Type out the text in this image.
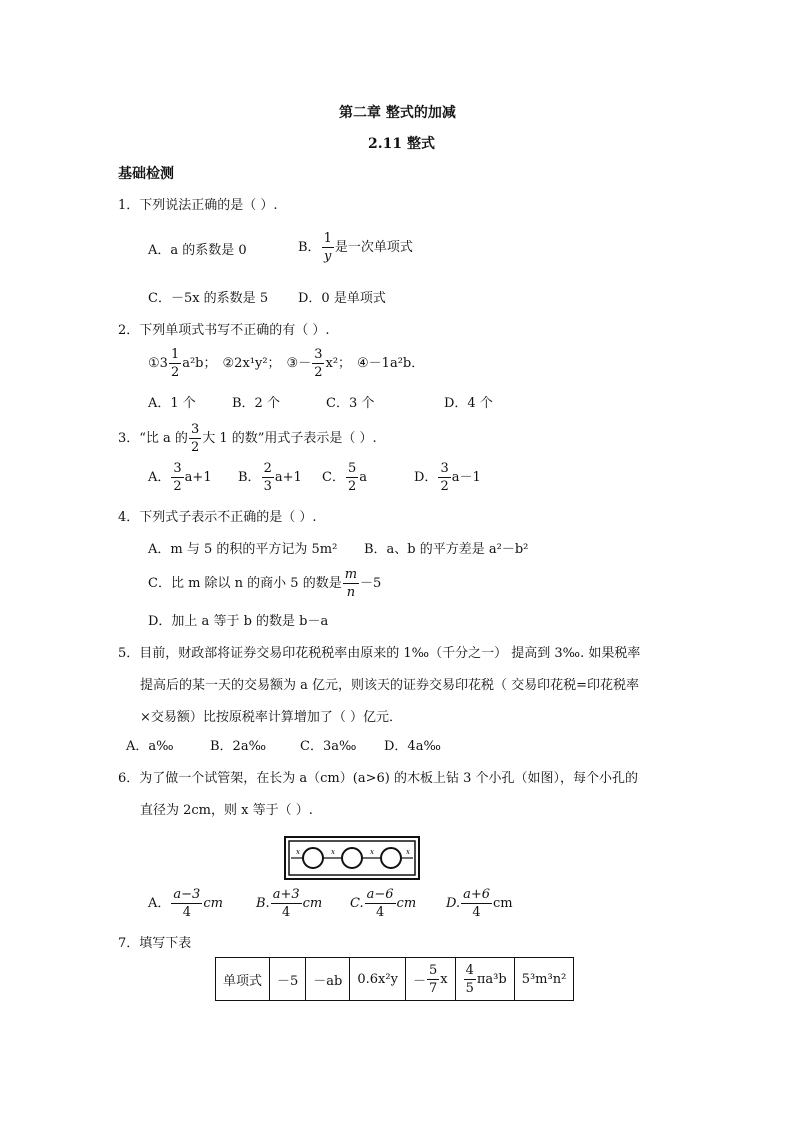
第二章 整式的加减
2.11 整式
基础检测
1．下列说法正确的是（ ）.
A．a 的系数是 0	B． $\frac{1}{y}$ 是一次单项式
C．－5x 的系数是 5 D．0 是单项式
2．下列单项式书写不正确的有（ ）.
①3 $\frac{1}{2} a^2b$； ②2x¹y²； ③－ $\frac{3}{2} x^2$； ④－1a²b．
A．1 个	B．2 个	C．3 个	D．4 个
3．“比 a 的 $\frac{3}{2}$ 大 1 的数”用式子表示是（ ）.
A． $\frac{3}{2} a+1$ B． $\frac{2}{3} a+1$ C． $\frac{5}{2}$ a	D． $\frac{3}{2} a-1$
4．下列式子表示不正确的是（ ）.
A．m 与 5 的积的平方记为 5m² B．a、b 的平方差是 a²－b²
C．比 m 除以 n 的商小 5 的数是 $\frac{m}{n} -5$
D．加上 a 等于 b 的数是 b－a
5．目前，财政部将证券交易印花税税率由原来的 1‰（千分之一） 提高到 3‰. 如果税率
提高后的某一天的交易额为 a 亿元，则该天的证券交易印花税（ 交易印花税=印花税率
×交易额）比按原税率计算增加了（ ）亿元．
A．a‰	B．2a‰	C．3a‰ D．4a‰
6．为了做一个试管架，在长为 a（cm）(a>6) 的木板上钻 3 个小孔（如图），每个小孔的
直径为 2cm，则 x 等于（ ）.
x	x	x	x
A． $\frac{a-3}{4}$ cm	B. $\frac{a+3}{4}$ cm C. $\frac{a-6}{4}$ cm D. $\frac{a+6}{4}$ cm
7．填写下表
单项式	－5	－ab	0.6x²y	－ $\frac{5}{7}$ x	$\frac{4}{5} \pi a^3b$	5³m³n²
